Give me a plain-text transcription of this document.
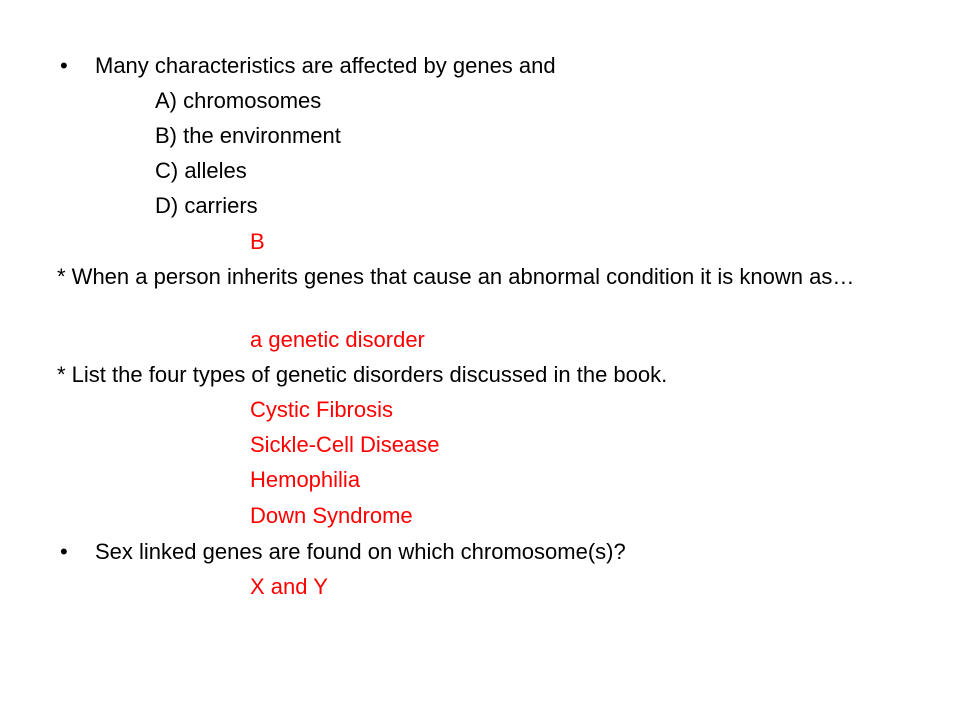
• Many characteristics are affected by genes and
A) chromosomes
B) the environment
C) alleles
D) carriers
B
* When a person inherits genes that cause an abnormal condition it is known as…
a genetic disorder
* List the four types of genetic disorders discussed in the book.
Cystic Fibrosis
Sickle-Cell Disease
Hemophilia
Down Syndrome
• Sex linked genes are found on which chromosome(s)?
X and Y
